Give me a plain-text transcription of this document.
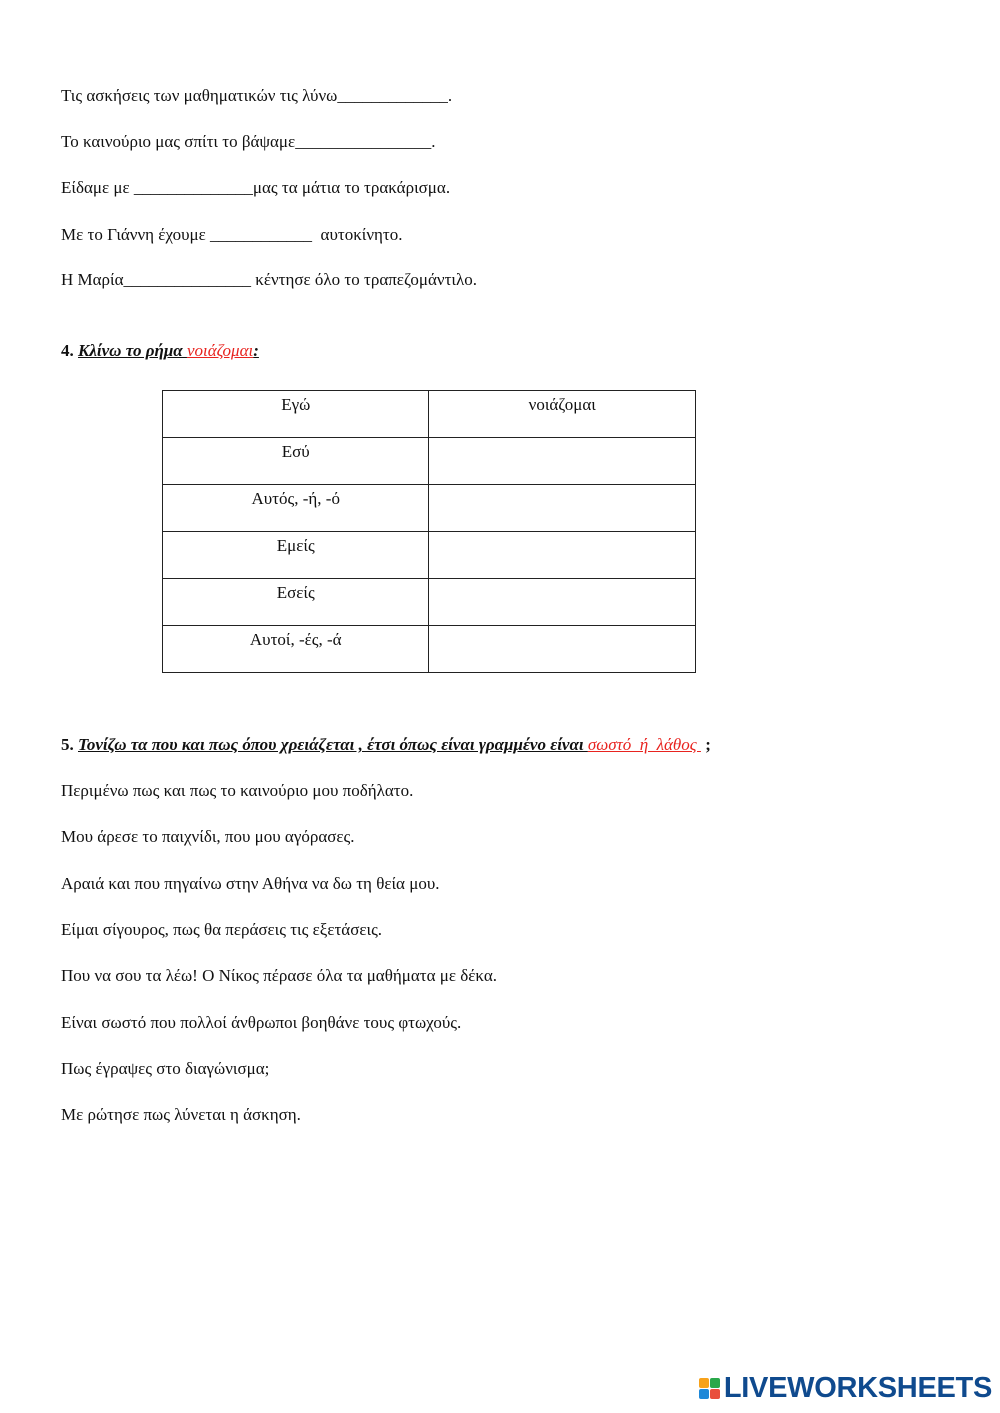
Τις ασκήσεις των μαθηματικών τις λύνω_____________.
Το καινούριο μας σπίτι το βάψαμε________________.
Είδαμε με ______________μας τα μάτια το τρακάρισμα.
Με το Γιάννη έχουμε ____________  αυτοκίνητο.
Η Μαρία_______________ κέντησε όλο το τραπεζομάντιλο.
4. Κλίνω το ρήμα νοιάζομαι:
Εγώ	νοιάζομαι
Εσύ	
Αυτός, -ή, -ό	
Εμείς	
Εσείς	
Αυτοί, -ές, -ά	
5. Τονίζω τα που και πως όπου χρειάζεται , έτσι όπως είναι γραμμένο είναι σωστό  ή  λάθος  ;
Περιμένω πως και πως το καινούριο μου ποδήλατο.
Μου άρεσε το παιχνίδι, που μου αγόρασες.
Αραιά και που πηγαίνω στην Αθήνα να δω τη θεία μου.
Είμαι σίγουρος, πως θα περάσεις τις εξετάσεις.
Που να σου τα λέω! Ο Νίκος πέρασε όλα τα μαθήματα με δέκα.
Είναι σωστό που πολλοί άνθρωποι βοηθάνε τους φτωχούς.
Πως έγραψες στο διαγώνισμα;
Με ρώτησε πως λύνεται η άσκηση.
LIVEWORKSHEETS
